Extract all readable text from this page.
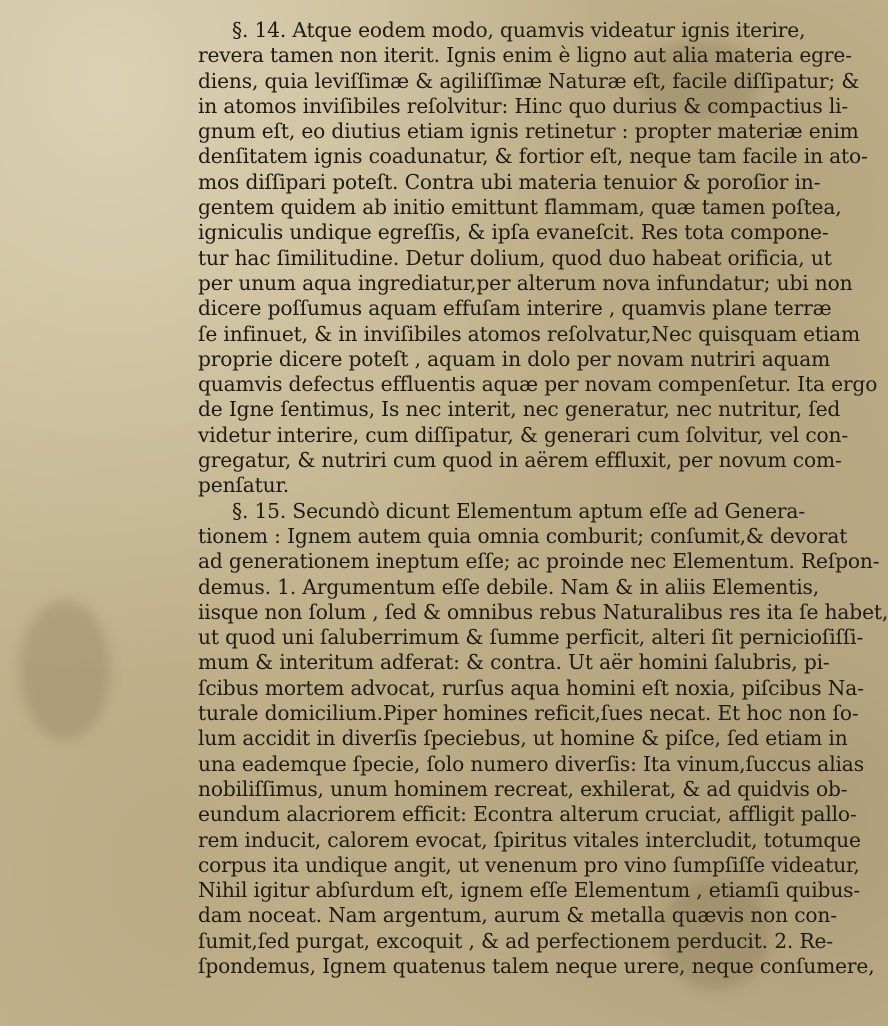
§. 14. Atque eodem modo, quamvis videatur ignis iterire,
revera tamen non iterit. Ignis enim è ligno aut alia materia egre-
diens, quia leviſſimæ & agiliſſimæ Naturæ eſt, facile diſſipatur; &
in atomos inviſibiles reſolvitur: Hinc quo durius & compactius li-
gnum eſt, eo diutius etiam ignis retinetur : propter materiæ enim
denſitatem ignis coadunatur, & fortior eſt, neque tam facile in ato-
mos diſſipari poteſt. Contra ubi materia tenuior & poroſior in-
gentem quidem ab initio emittunt flammam, quæ tamen poſtea,
igniculis undique egreſſis, & ipſa evaneſcit. Res tota compone-
tur hac ſimilitudine. Detur dolium, quod duo habeat orificia, ut
per unum aqua ingrediatur,per alterum nova infundatur; ubi non
dicere poſſumus aquam effuſam interire , quamvis plane terræ
ſe infinuet, & in inviſibiles atomos reſolvatur,Nec quisquam etiam
proprie dicere poteſt , aquam in dolo per novam nutriri aquam
quamvis defectus effluentis aquæ per novam compenſetur. Ita ergo
de Igne ſentimus, Is nec interit, nec generatur, nec nutritur, ſed
videtur interire, cum diſſipatur, & generari cum ſolvitur, vel con-
gregatur, & nutriri cum quod in aërem effluxit, per novum com-
penſatur.
§. 15. Secundò dicunt Elementum aptum eſſe ad Genera-
tionem : Ignem autem quia omnia comburit; conſumit,& devorat
ad generationem ineptum eſſe; ac proinde nec Elementum. Reſpon-
demus. 1. Argumentum eſſe debile. Nam & in aliis Elementis,
iisque non ſolum , ſed & omnibus rebus Naturalibus res ita ſe habet,
ut quod uni ſaluberrimum & ſumme perficit, alteri ſit pernicioſiſſi-
mum & interitum adferat: & contra. Ut aër homini ſalubris, pi-
ſcibus mortem advocat, rurſus aqua homini eſt noxia, piſcibus Na-
turale domicilium.Piper homines reficit,ſues necat. Et hoc non ſo-
lum accidit in diverſis ſpeciebus, ut homine & piſce, ſed etiam in
una eademque ſpecie, ſolo numero diverſis: Ita vinum,ſuccus alias
nobiliſſimus, unum hominem recreat, exhilerat, & ad quidvis ob-
eundum alacriorem efficit: Econtra alterum cruciat, affligit pallo-
rem inducit, calorem evocat, ſpiritus vitales intercludit, totumque
corpus ita undique angit, ut venenum pro vino ſumpſiſſe videatur,
Nihil igitur abſurdum eſt, ignem eſſe Elementum , etiamſi quibus-
dam noceat. Nam argentum, aurum & metalla quævis non con-
ſumit,ſed purgat, excoquit , & ad perfectionem perducit. 2. Re-
ſpondemus, Ignem quatenus talem neque urere, neque conſumere,
